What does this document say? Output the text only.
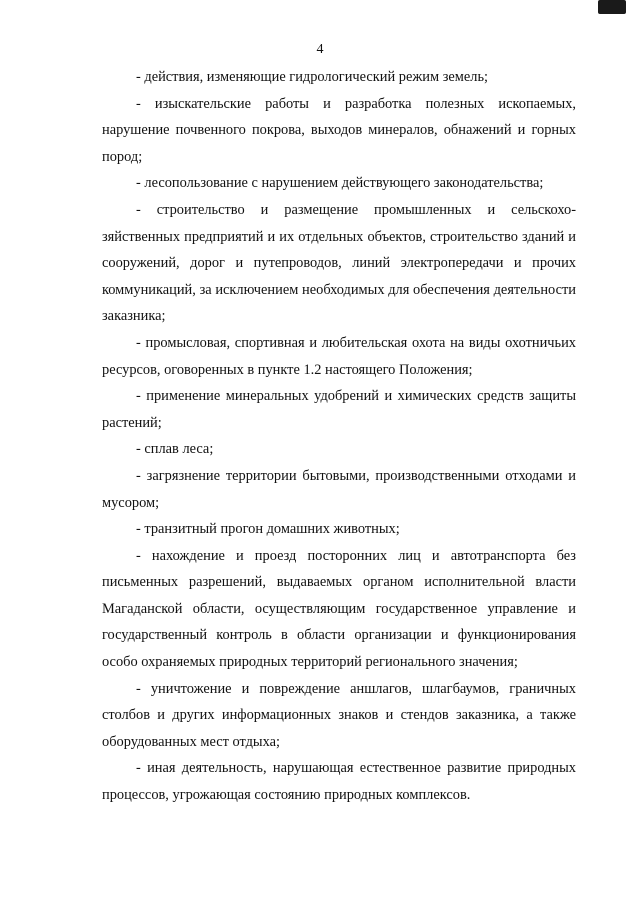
4

- действия, изменяющие гидрологический режим земель;

- изыскательские работы и разработка полезных ископаемых, нарушение почвенного покрова, выходов минералов, обнажений и горных пород;

- лесопользование с нарушением действующего законодательства;

- строительство и размещение промышленных и сельскохо-зяйственных предприятий и их отдельных объектов, строительство зданий и сооружений, дорог и путепроводов, линий электропередачи и прочих коммуникаций, за исключением необходимых для обеспечения деятельности заказника;

- промысловая, спортивная и любительская охота на виды охотничьих ресурсов, оговоренных в пункте 1.2 настоящего Положения;

- применение минеральных удобрений и химических средств защиты растений;

- сплав леса;

- загрязнение территории бытовыми, производственными отходами и мусором;

- транзитный прогон домашних животных;

- нахождение и проезд посторонних лиц и автотранспорта без письменных разрешений, выдаваемых органом исполнительной власти Магаданской области, осуществляющим государственное управление и государственный контроль в области организации и функционирования особо охраняемых природных территорий регионального значения;

- уничтожение и повреждение аншлагов, шлагбаумов, граничных столбов и других информационных знаков и стендов заказника, а также оборудованных мест отдыха;

- иная деятельность, нарушающая естественное развитие природных процессов, угрожающая состоянию природных комплексов.
